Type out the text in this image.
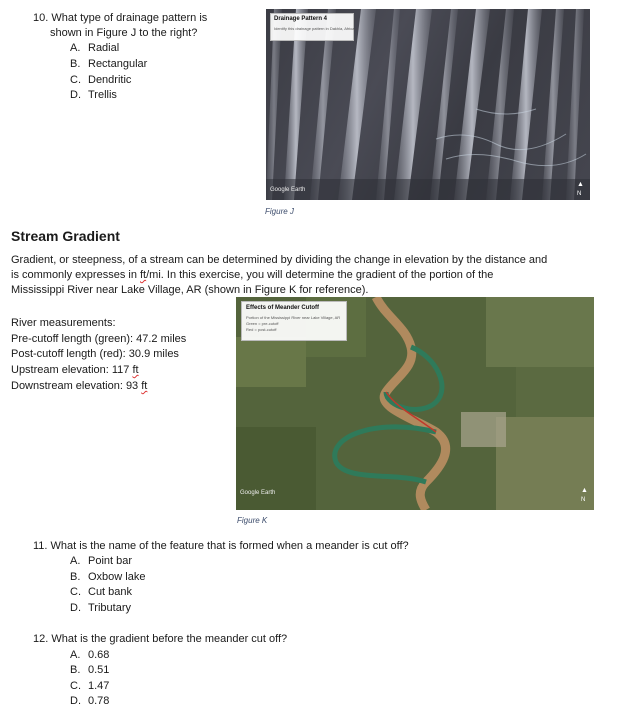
10. What type of drainage pattern is
shown in Figure J to the right?
A. Radial
B. Rectangular
C. Dendritic
D. Trellis
Drainage Pattern 4
Identify this drainage pattern in Dakhla, Africa
Google Earth
▲
N
Figure J
Stream Gradient
Gradient, or steepness, of a stream can be determined by dividing the change in elevation by the distance and
is commonly expresses in ft/mi. In this exercise, you will determine the gradient of the portion of the
Mississippi River near Lake Village, AR (shown in Figure K for reference).
River measurements:
Pre-cutoff length (green): 47.2 miles
Post-cutoff length (red): 30.9 miles
Upstream elevation: 117 ft
Downstream elevation: 93 ft
Effects of Meander Cutoff
Portion of the Mississippi River near Lake Village, AR
Green = pre-cutoff
Red = post-cutoff
Google Earth	▲
N
Figure K
11. What is the name of the feature that is formed when a meander is cut off?
A. Point bar
B. Oxbow lake
C. Cut bank
D. Tributary
12. What is the gradient before the meander cut off?
A. 0.68
B. 0.51
C. 1.47
D. 0.78
